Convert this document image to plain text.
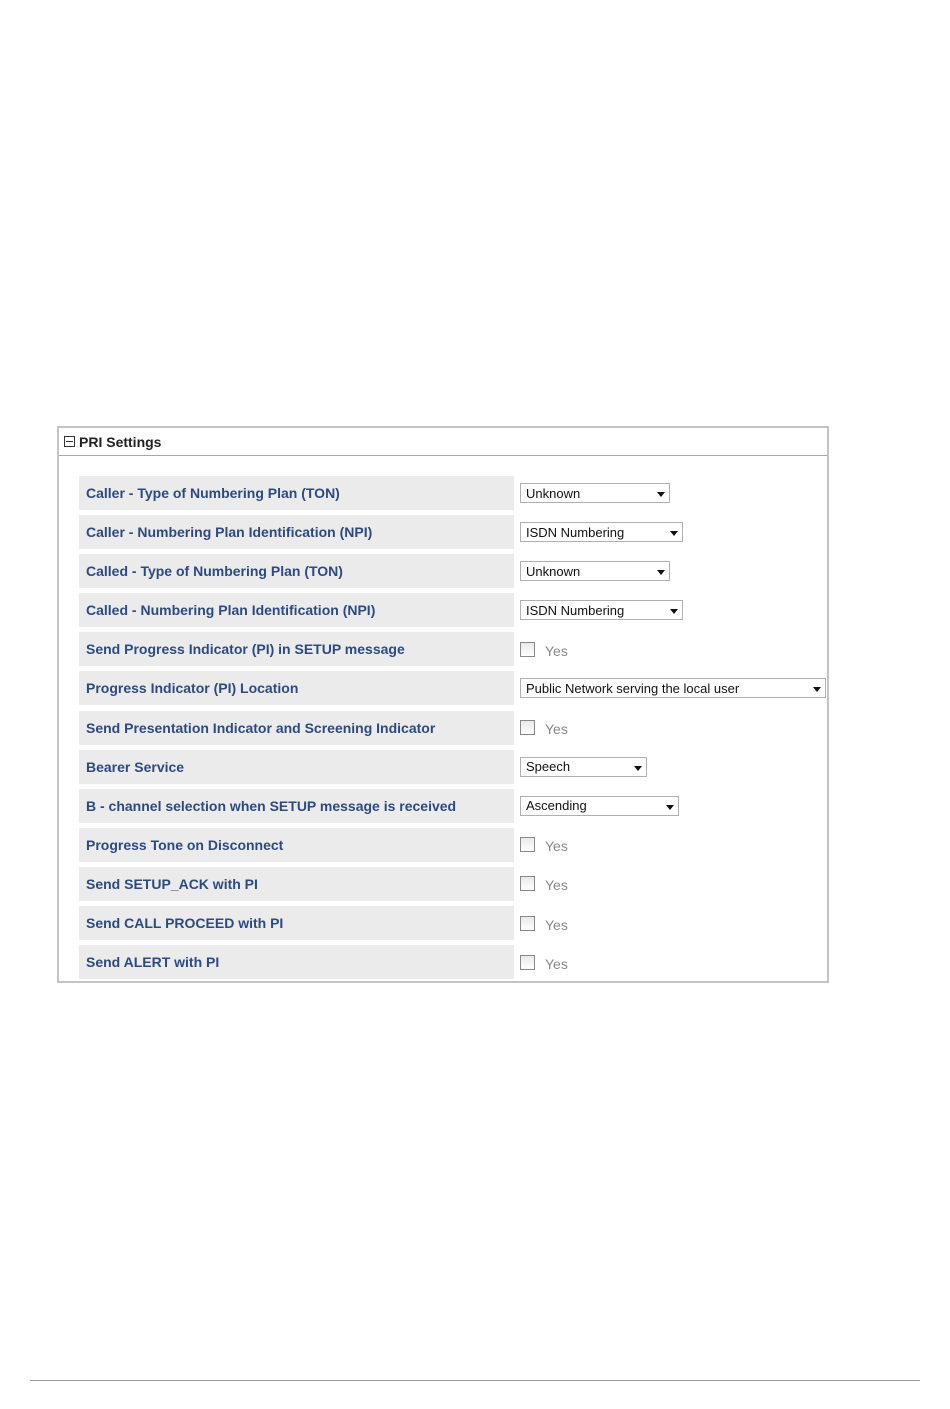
PRI Settings
Caller - Type of Numbering Plan (TON)	Unknown
Caller - Numbering Plan Identification (NPI)	ISDN Numbering
Called - Type of Numbering Plan (TON)	Unknown
Called - Numbering Plan Identification (NPI)	ISDN Numbering
Send Progress Indicator (PI) in SETUP message	Yes
Progress Indicator (PI) Location	Public Network serving the local user
Send Presentation Indicator and Screening Indicator	Yes
Bearer Service	Speech
B - channel selection when SETUP message is received	Ascending
Progress Tone on Disconnect	Yes
Send SETUP_ACK with PI	Yes
Send CALL PROCEED with PI	Yes
Send ALERT with PI	Yes
